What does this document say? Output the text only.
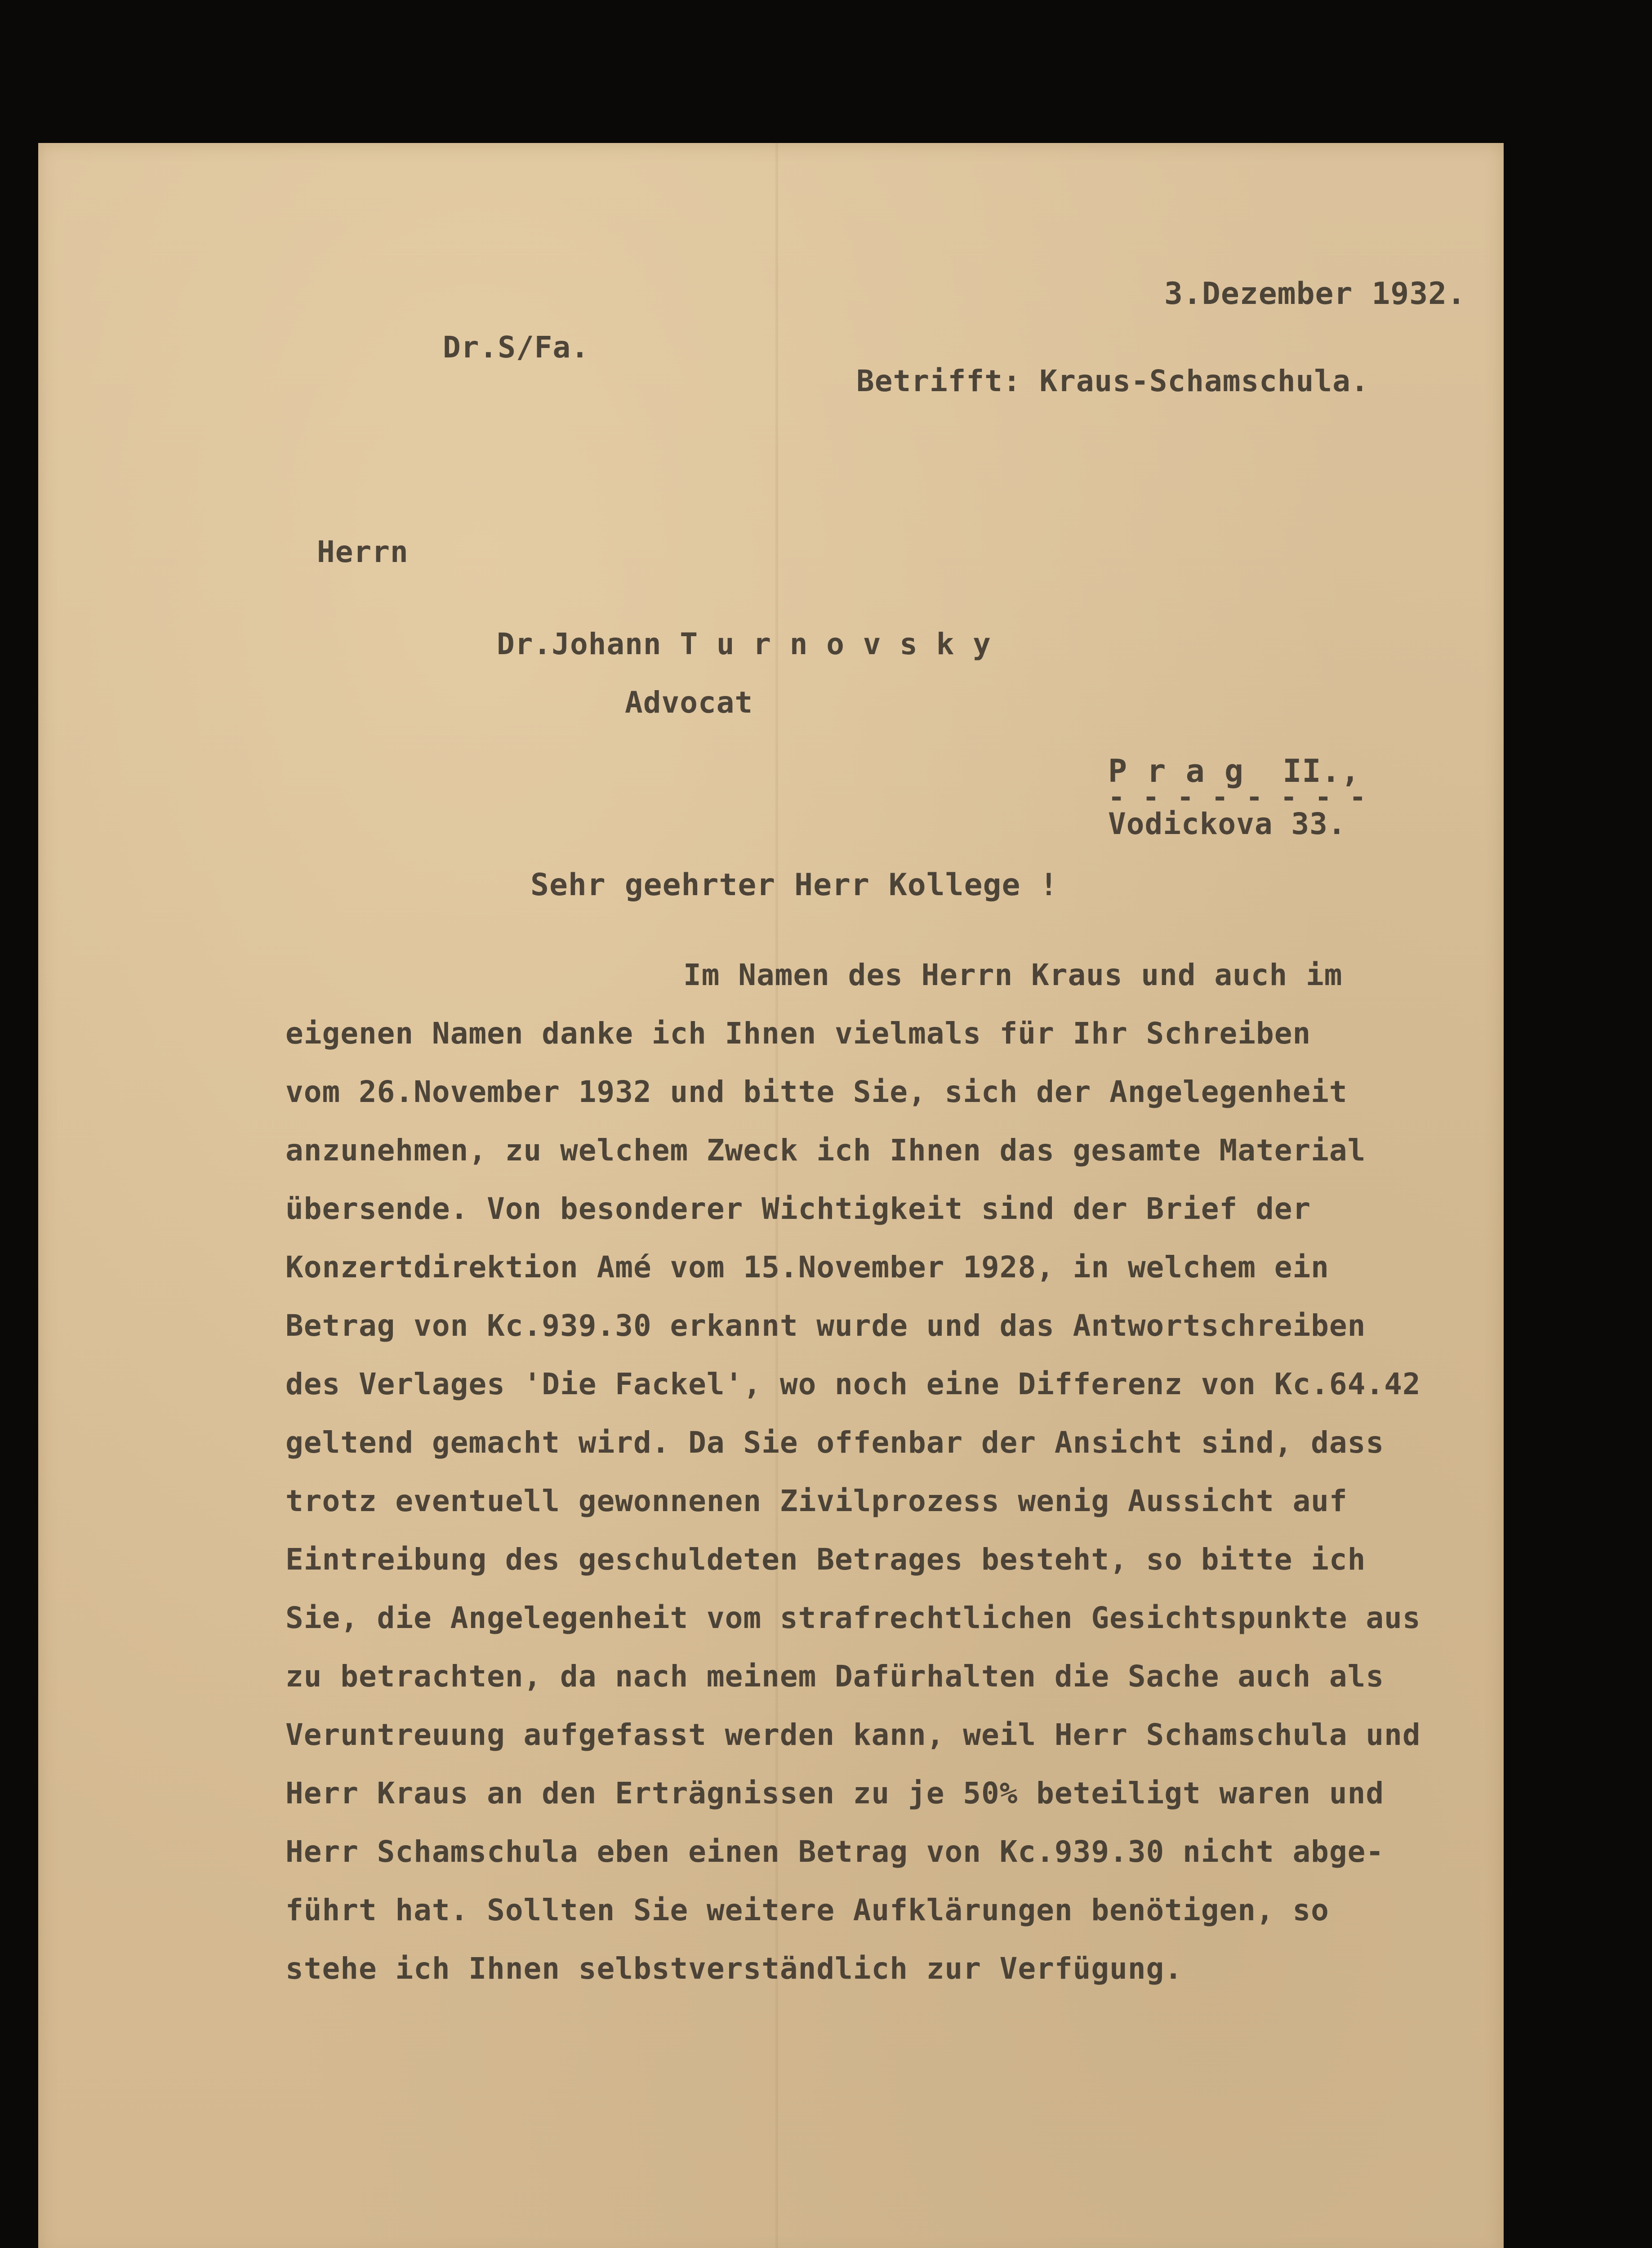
3.Dezember 1932.
Dr.S/Fa.
Betrifft: Kraus-Schamschula.
Herrn
Dr.Johann T u r n o v s k y
Advocat
P r a g  II.,
- - - - - - - -
Vodickova 33.
Sehr geehrter Herr Kollege !
Im Namen des Herrn Kraus und auch im
eigenen Namen danke ich Ihnen vielmals für Ihr Schreiben
vom 26.November 1932 und bitte Sie, sich der Angelegenheit
anzunehmen, zu welchem Zweck ich Ihnen das gesamte Material
übersende. Von besonderer Wichtigkeit sind der Brief der
Konzertdirektion Amé vom 15.November 1928, in welchem ein
Betrag von Kc.939.30 erkannt wurde und das Antwortschreiben
des Verlages 'Die Fackel', wo noch eine Differenz von Kc.64.42
geltend gemacht wird. Da Sie offenbar der Ansicht sind, dass
trotz eventuell gewonnenen Zivilprozess wenig Aussicht auf
Eintreibung des geschuldeten Betrages besteht, so bitte ich
Sie, die Angelegenheit vom strafrechtlichen Gesichtspunkte aus
zu betrachten, da nach meinem Dafürhalten die Sache auch als
Veruntreuung aufgefasst werden kann, weil Herr Schamschula und
Herr Kraus an den Erträgnissen zu je 50% beteiligt waren und
Herr Schamschula eben einen Betrag von Kc.939.30 nicht abge-
führt hat. Sollten Sie weitere Aufklärungen benötigen, so
stehe ich Ihnen selbstverständlich zur Verfügung.
